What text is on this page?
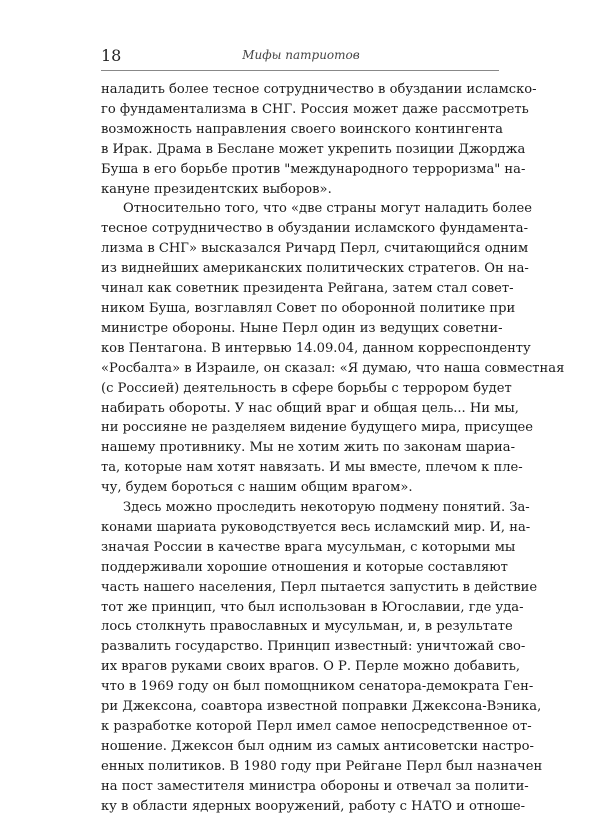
18	Мифы патриотов
наладить более тесное сотрудничество в обуздании исламско-
го фундаментализма в СНГ. Россия может даже рассмотреть
возможность направления своего воинского контингента
в Ирак. Драма в Беслане может укрепить позиции Джорджа
Буша в его борьбе против "международного терроризма" на-
кануне президентских выборов».
Относительно того, что «две страны могут наладить более
тесное сотрудничество в обуздании исламского фундамента-
лизма в СНГ» высказался Ричард Перл, считающийся одним
из виднейших американских политических стратегов. Он на-
чинал как советник президента Рейгана, затем стал совет-
ником Буша, возглавлял Совет по оборонной политике при
министре обороны. Ныне Перл один из ведущих советни-
ков Пентагона. В интервью 14.09.04, данном корреспонденту
«Росбалта» в Израиле, он сказал: «Я думаю, что наша совместная
(с Россией) деятельность в сфере борьбы с террором будет
набирать обороты. У нас общий враг и общая цель... Ни мы,
ни россияне не разделяем видение будущего мира, присущее
нашему противнику. Мы не хотим жить по законам шариа-
та, которые нам хотят навязать. И мы вместе, плечом к пле-
чу, будем бороться с нашим общим врагом».
Здесь можно проследить некоторую подмену понятий. За-
конами шариата руководствуется весь исламский мир. И, на-
значая России в качестве врага мусульман, с которыми мы
поддерживали хорошие отношения и которые составляют
часть нашего населения, Перл пытается запустить в действие
тот же принцип, что был использован в Югославии, где уда-
лось столкнуть православных и мусульман, и, в результате
развалить государство. Принцип известный: уничтожай сво-
их врагов руками своих врагов. О Р. Перле можно добавить,
что в 1969 году он был помощником сенатора-демократа Ген-
ри Джексона, соавтора известной поправки Джексона-Вэника,
к разработке которой Перл имел самое непосредственное от-
ношение. Джексон был одним из самых антисоветски настро-
енных политиков. В 1980 году при Рейгане Перл был назначен
на пост заместителя министра обороны и отвечал за полити-
ку в области ядерных вооружений, работу с НАТО и отноше-
